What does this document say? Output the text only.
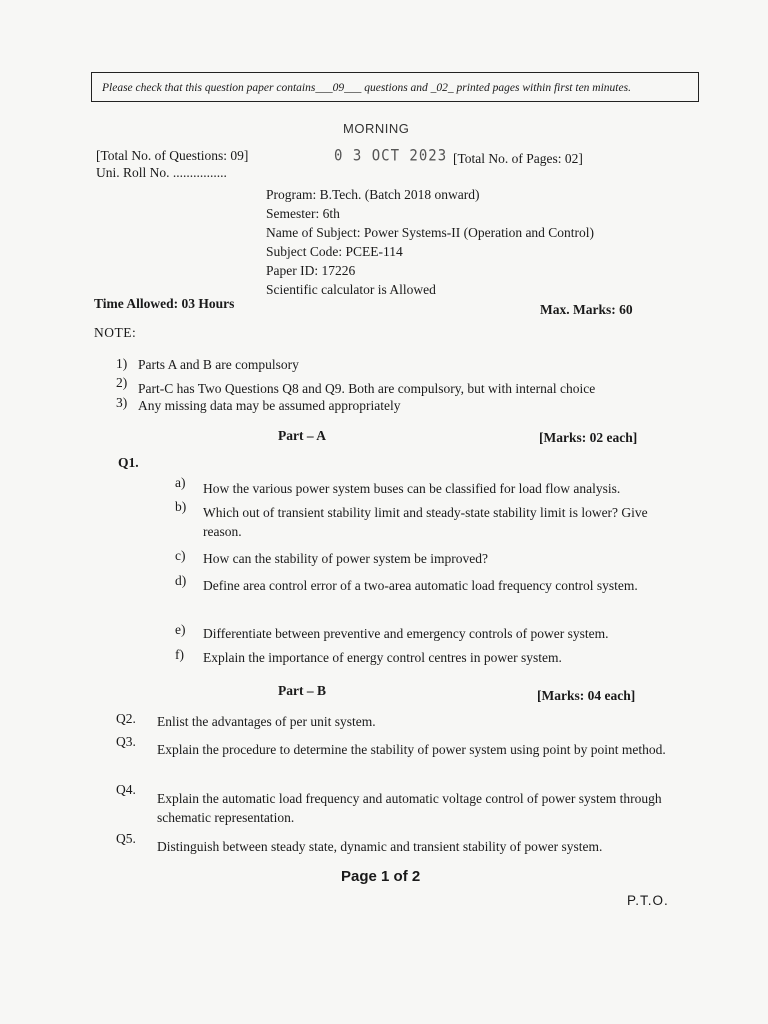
Please check that this question paper contains___09___ questions and _02_ printed pages within first ten minutes.
MORNING
[Total No. of Questions: 09]	0 3 OCT 2023 [Total No. of Pages: 02]
Uni. Roll No. ................
Program: B.Tech. (Batch 2018 onward)
Semester: 6th
Name of Subject: Power Systems-II (Operation and Control)
Subject Code: PCEE-114
Paper ID: 17226
Scientific calculator is Allowed
Time Allowed: 03 Hours	Max. Marks: 60
NOTE:
1) Parts A and B are compulsory
2) Part-C has Two Questions Q8 and Q9. Both are compulsory, but with internal choice
3) Any missing data may be assumed appropriately
Part – A	[Marks: 02 each]
Q1.
a) How the various power system buses can be classified for load flow analysis.
b) Which out of transient stability limit and steady-state stability limit is lower? Give reason.
c) How can the stability of power system be improved?
d) Define area control error of a two-area automatic load frequency control system.
e) Differentiate between preventive and emergency controls of power system.
f) Explain the importance of energy control centres in power system.
Part – B	[Marks: 04 each]
Q2. Enlist the advantages of per unit system.
Q3.
Explain the procedure to determine the stability of power system using point by point method.
Q4.
Explain the automatic load frequency and automatic voltage control of power system through schematic representation.
Q5.
Distinguish between steady state, dynamic and transient stability of power system.
Page 1 of 2
P.T.O.
